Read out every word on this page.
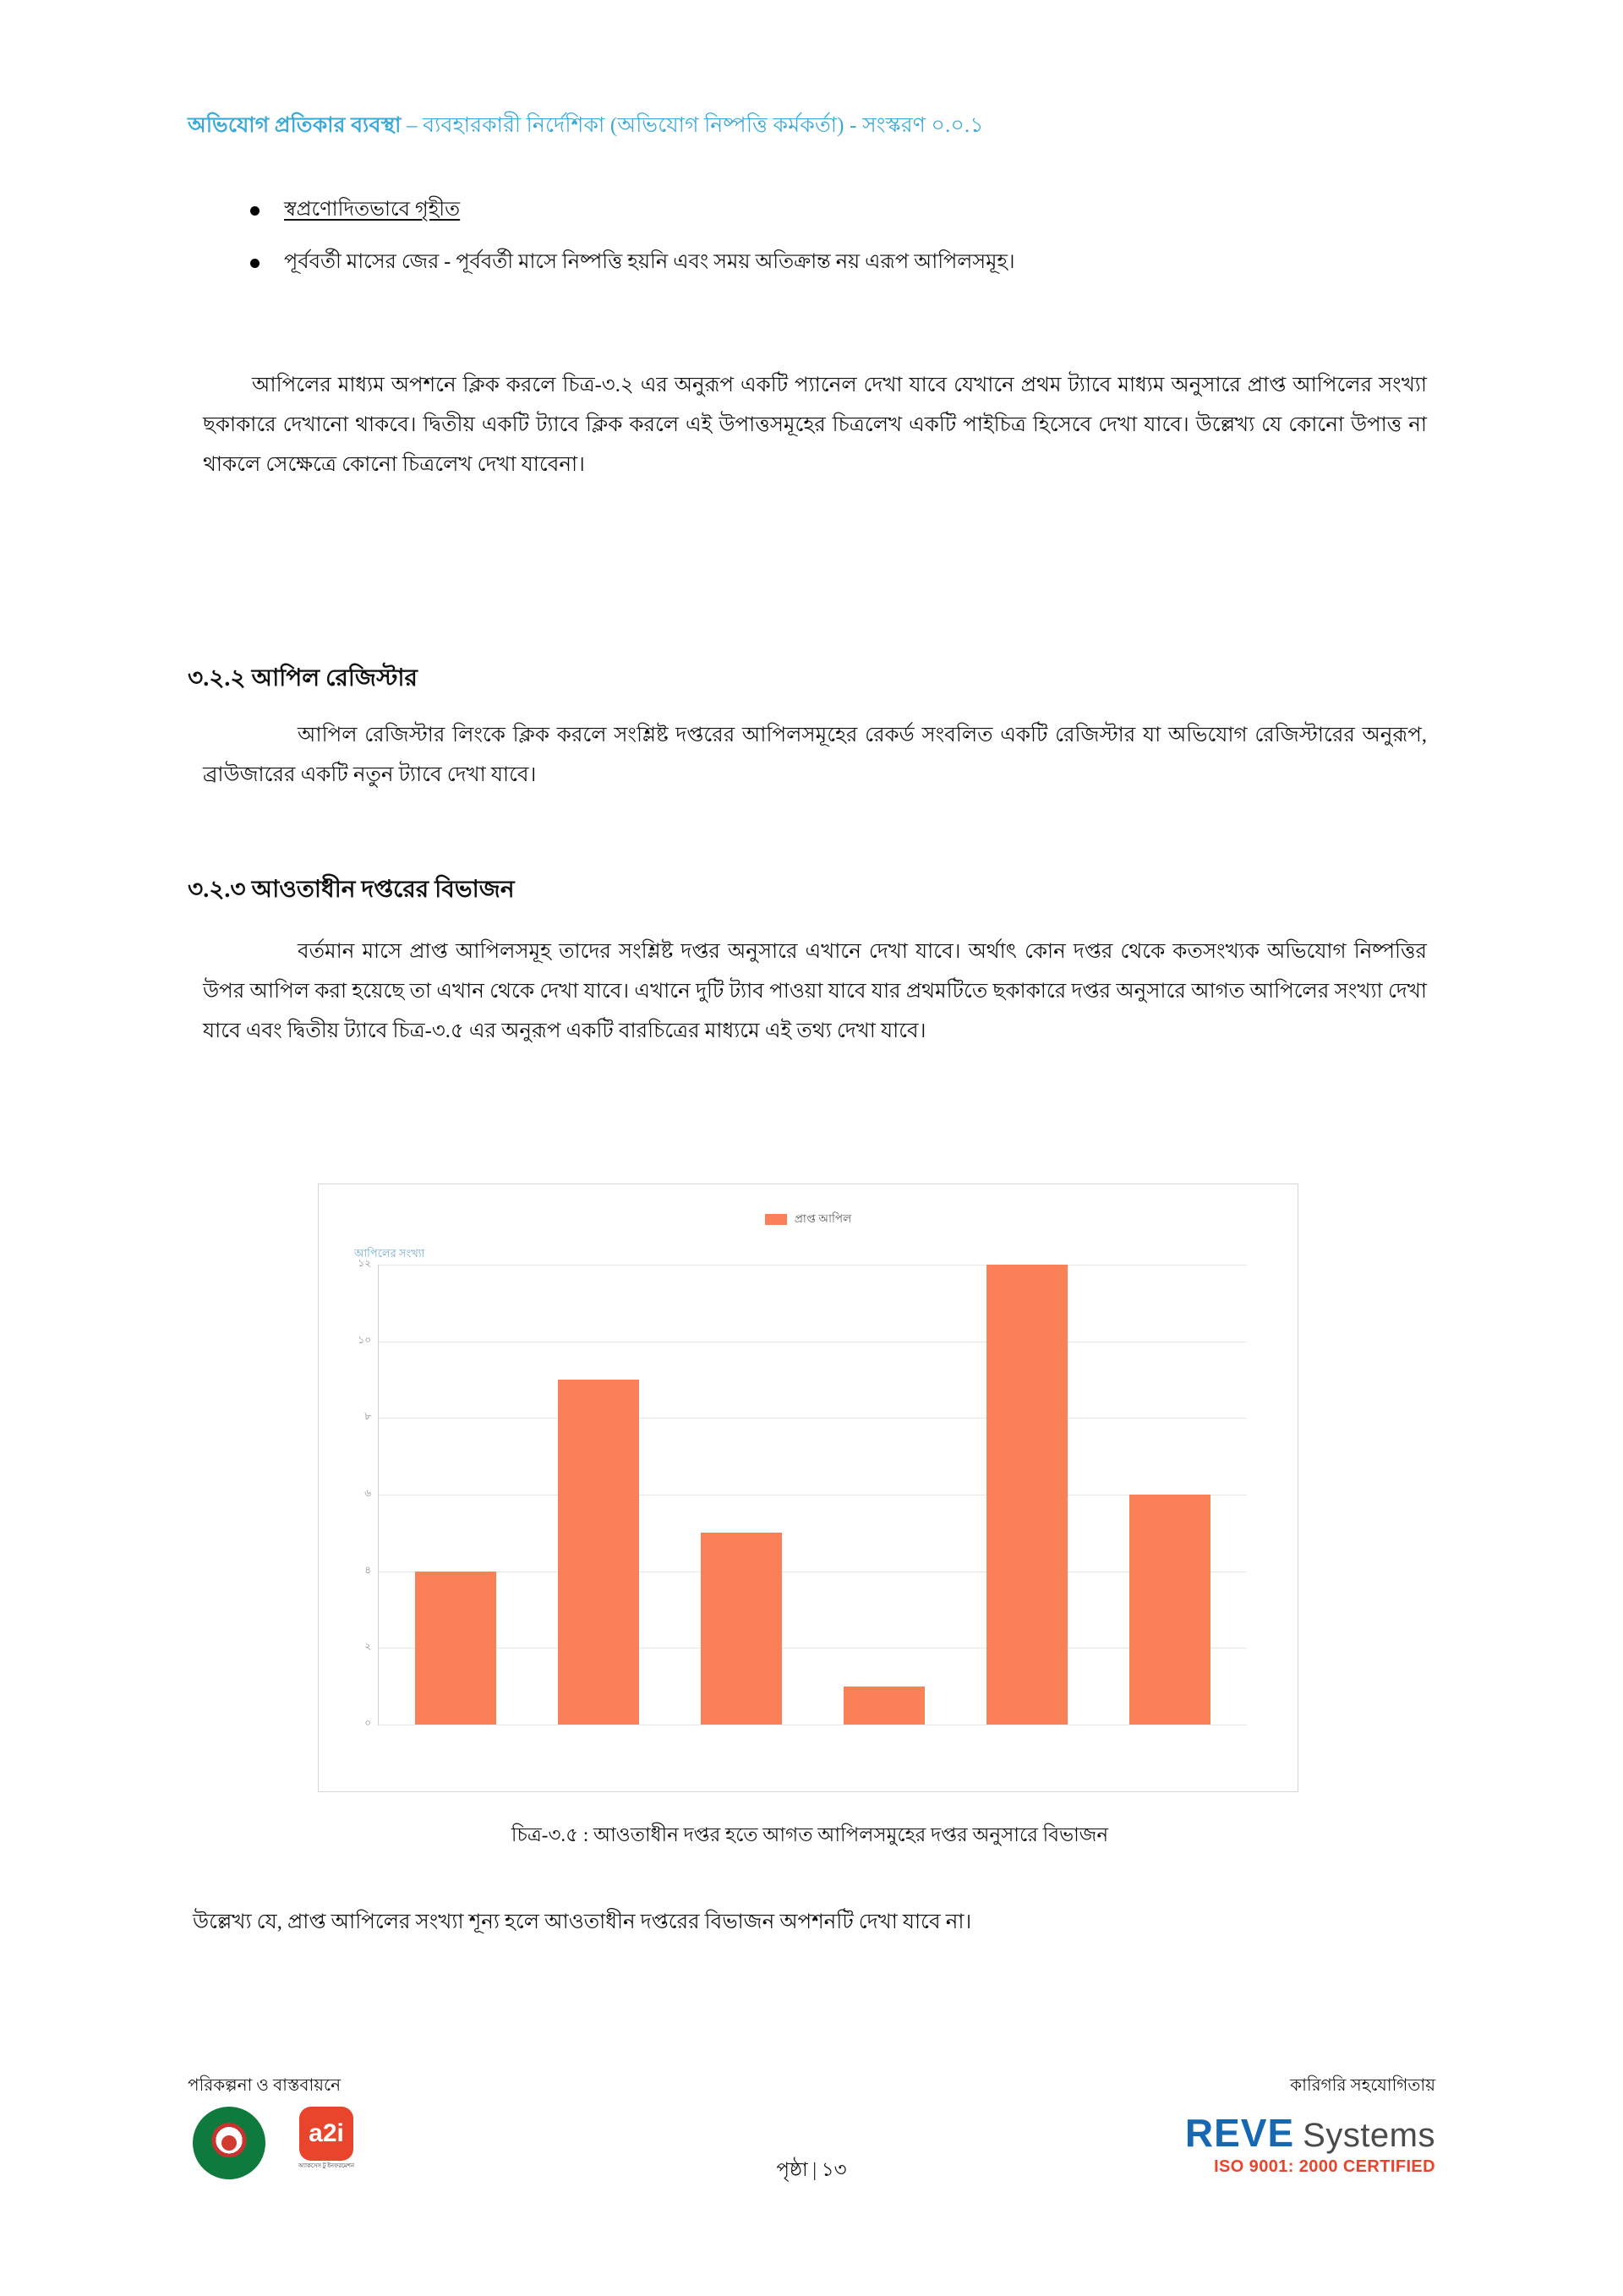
অভিযোগ প্রতিকার ব্যবস্থা – ব্যবহারকারী নির্দেশিকা (অভিযোগ নিষ্পত্তি কর্মকর্তা) - সংস্করণ ০.০.১
স্বপ্রণোদিতভাবে গৃহীত
পূর্ববর্তী মাসের জের - পূর্ববর্তী মাসে নিষ্পত্তি হয়নি এবং সময় অতিক্রান্ত নয় এরূপ আপিলসমূহ।
আপিলের মাধ্যম অপশনে ক্লিক করলে চিত্র-৩.২ এর অনুরূপ একটি প্যানেল দেখা যাবে যেখানে প্রথম ট্যাবে মাধ্যম অনুসারে প্রাপ্ত আপিলের সংখ্যা ছকাকারে দেখানো থাকবে। দ্বিতীয় একটি ট্যাবে ক্লিক করলে এই উপাত্তসমূহের চিত্রলেখ একটি পাইচিত্র হিসেবে দেখা যাবে। উল্লেখ্য যে কোনো উপাত্ত না থাকলে সেক্ষেত্রে কোনো চিত্রলেখ দেখা যাবেনা।
৩.২.২ আপিল রেজিস্টার
আপিল রেজিস্টার লিংকে ক্লিক করলে সংশ্লিষ্ট দপ্তরের আপিলসমূহের রেকর্ড সংবলিত একটি রেজিস্টার যা অভিযোগ রেজিস্টারের অনুরূপ, ব্রাউজারের একটি নতুন ট্যাবে দেখা যাবে।
৩.২.৩ আওতাধীন দপ্তরের বিভাজন
বর্তমান মাসে প্রাপ্ত আপিলসমূহ তাদের সংশ্লিষ্ট দপ্তর অনুসারে এখানে দেখা যাবে। অর্থাৎ কোন দপ্তর থেকে কতসংখ্যক অভিযোগ নিষ্পত্তির উপর আপিল করা হয়েছে তা এখান থেকে দেখা যাবে। এখানে দুটি ট্যাব পাওয়া যাবে যার প্রথমটিতে ছকাকারে দপ্তর অনুসারে আগত আপিলের সংখ্যা দেখা যাবে এবং দ্বিতীয় ট্যাবে চিত্র-৩.৫ এর অনুরূপ একটি বারচিত্রের মাধ্যমে এই তথ্য দেখা যাবে।
প্রাপ্ত আপিল
আপিলের সংখ্যা
১২
১০
৮
৬
৪
২
০
চিত্র-৩.৫ : আওতাধীন দপ্তর হতে আগত আপিলসমুহের দপ্তর অনুসারে বিভাজন
উল্লেখ্য যে, প্রাপ্ত আপিলের সংখ্যা শূন্য হলে আওতাধীন দপ্তরের বিভাজন অপশনটি দেখা যাবে না।
পরিকল্পনা ও বাস্তবায়নে	কারিগরি সহযোগিতায়
a2i
অ্যাকসেস টু ইনফরমেশন	পৃষ্ঠা | ১৩
REVE Systems
ISO 9001: 2000 CERTIFIED
